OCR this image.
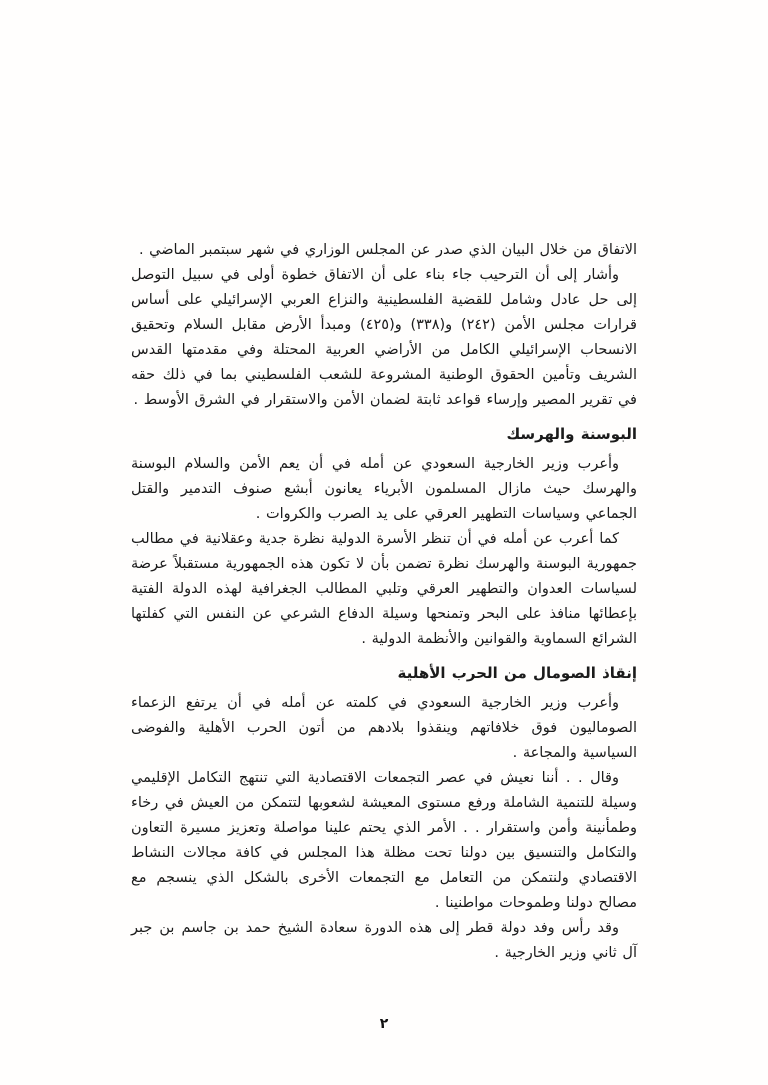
الاتفاق من خلال البيان الذي صدر عن المجلس الوزاري في شهر سبتمبر الماضي .

وأشار إلى أن الترحيب جاء بناء على أن الاتفاق خطوة أولى في سبيل التوصل إلى حل عادل وشامل للقضية الفلسطينية والنزاع العربي الإسرائيلي على أساس قرارات مجلس الأمن (٢٤٢) و(٣٣٨) و(٤٢٥) ومبدأ الأرض مقابل السلام وتحقيق الانسحاب الإسرائيلي الكامل من الأراضي العربية المحتلة وفي مقدمتها القدس الشريف وتأمين الحقوق الوطنية المشروعة للشعب الفلسطيني بما في ذلك حقه في تقرير المصير وإرساء قواعد ثابتة لضمان الأمن والاستقرار في الشرق الأوسط .

البوسنة والهرسك

وأعرب وزير الخارجية السعودي عن أمله في أن يعم الأمن والسلام البوسنة والهرسك حيث مازال المسلمون الأبرياء يعانون أبشع صنوف التدمير والقتل الجماعي وسياسات التطهير العرقي على يد الصرب والكروات .

كما أعرب عن أمله في أن تنظر الأسرة الدولية نظرة جدية وعقلانية في مطالب جمهورية البوسنة والهرسك نظرة تضمن بأن لا تكون هذه الجمهورية مستقبلاً عرضة لسياسات العدوان والتطهير العرقي وتلبي المطالب الجغرافية لهذه الدولة الفتية بإعطائها منافذ على البحر وتمنحها وسيلة الدفاع الشرعي عن النفس التي كفلتها الشرائع السماوية والقوانين والأنظمة الدولية .

إنقاذ الصومال من الحرب الأهلية

وأعرب وزير الخارجية السعودي في كلمته عن أمله في أن يرتفع الزعماء الصوماليون فوق خلافاتهم وينقذوا بلادهم من أتون الحرب الأهلية والفوضى السياسية والمجاعة .

وقال . . أننا نعيش في عصر التجمعات الاقتصادية التي تنتهج التكامل الإقليمي وسيلة للتنمية الشاملة ورفع مستوى المعيشة لشعوبها لتتمكن من العيش في رخاء وطمأنينة وأمن واستقرار . . الأمر الذي يحتم علينا مواصلة وتعزيز مسيرة التعاون والتكامل والتنسيق بين دولنا تحت مظلة هذا المجلس في كافة مجالات النشاط الاقتصادي ولنتمكن من التعامل مع التجمعات الأخرى بالشكل الذي ينسجم مع مصالح دولنا وطموحات مواطنينا .

وقد رأس وفد دولة قطر إلى هذه الدورة سعادة الشيخ حمد بن جاسم بن جبر آل ثاني وزير الخارجية .

٢
